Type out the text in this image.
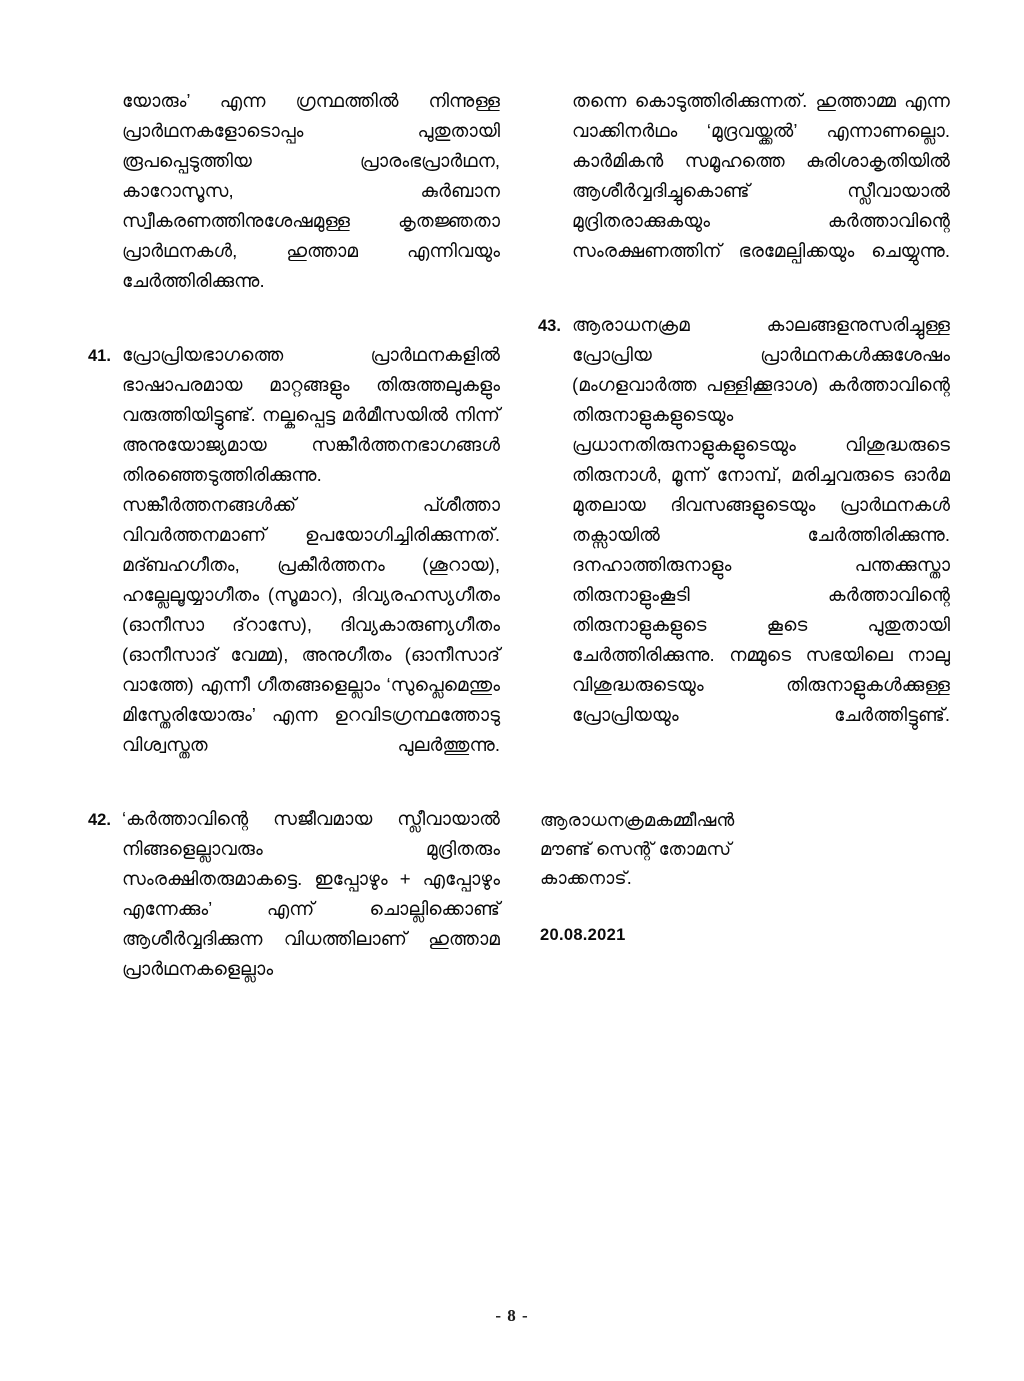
യോരും’ എന്ന ഗ്രന്ഥത്തിൽ നിന്നുള്ള പ്രാർഥനകളോടൊപ്പം പുതുതായി രൂപപ്പെടുത്തിയ പ്രാരംഭപ്രാർഥന, കാറോസൂസ, കുർബാന സ്വീകരണത്തിനുശേഷമുള്ള കൃതജ്ഞതാ പ്രാർഥനകൾ, ഹുത്താമ എന്നിവയും ചേർത്തിരിക്കുന്നു.

41. പ്രോപ്രിയഭാഗത്തെ പ്രാർഥനകളിൽ ഭാഷാപരമായ മാറ്റങ്ങളും തിരുത്തലുകളും വരുത്തിയിട്ടുണ്ട്. നല്കപ്പെട്ട മർമീസയിൽ നിന്ന് അനുയോജ്യമായ സങ്കീർത്തനഭാഗങ്ങൾ തിരഞ്ഞെടുത്തിരിക്കുന്നു. സങ്കീർത്തനങ്ങൾക്ക് പ്ശീത്താ വിവർത്തനമാണ് ഉപയോഗിച്ചിരിക്കുന്നത്. മദ്ബഹഗീതം, പ്രകീർത്തനം (ശൂറായ), ഹല്ലേലൂയ്യാഗീതം (സൂമാറ), ദിവ്യരഹസ്യഗീതം (ഓനീസാ ദ്‌റാസേ), ദിവ്യകാരുണ്യഗീതം (ഓനീസാദ് വേമ്മ), അനുഗീതം (ഓനീസാദ് വാത്തേ) എന്നീ ഗീതങ്ങളെല്ലാം ‘സുപ്ലെമെന്തും മിസ്തേരിയോരും’ എന്ന ഉറവിടഗ്രന്ഥത്തോടു വിശ്വസ്തത പുലർത്തുന്നു.
42. ‘കർത്താവിന്റെ സജീവമായ സ്ലീവായാൽ നിങ്ങളെല്ലാവരും മുദ്രിതരും സംരക്ഷിതരുമാകട്ടെ. ഇപ്പോഴും + എപ്പോഴും എന്നേക്കും’ എന്ന് ചൊല്ലിക്കൊണ്ട് ആശീർവ്വദിക്കുന്ന വിധത്തിലാണ് ഹുത്താമ പ്രാർഥനകളെല്ലാം

തന്നെ കൊടുത്തിരിക്കുന്നത്. ഹുത്താമ്മ എന്ന വാക്കിനർഥം ‘മുദ്രവയ്ക്കൽ’ എന്നാണല്ലൊ. കാർമികൻ സമൂഹത്തെ കുരിശാകൃതിയിൽ ആശീർവ്വദിച്ചുകൊണ്ട് സ്ലീവായാൽ മുദ്രിതരാക്കുകയും കർത്താവിന്റെ സംരക്ഷണത്തിന് ഭരമേല്പിക്കയും ചെയ്യുന്നു.

43. ആരാധനക്രമ കാലങ്ങളനുസരിച്ചുള്ള പ്രോപ്രിയ പ്രാർഥനകൾക്കുശേഷം (മംഗളവാർത്ത പള്ളിക്കൂദാശ) കർത്താവിന്റെ തിരുനാളുകളുടെയും പ്രധാനതിരുനാളുകളുടെയും വിശുദ്ധരുടെ തിരുനാൾ, മൂന്ന് നോമ്പ്, മരിച്ചവരുടെ ഓർമ മുതലായ ദിവസങ്ങളുടെയും പ്രാർഥനകൾ തക്സായിൽ ചേർത്തിരിക്കുന്നു. ദനഹാത്തിരുനാളും പന്തക്കുസ്താ തിരുനാളുംകൂടി കർത്താവിന്റെ തിരുനാളുകളുടെ കൂടെ പുതുതായി ചേർത്തിരിക്കുന്നു. നമ്മുടെ സഭയിലെ നാലു വിശുദ്ധരുടെയും തിരുനാളുകൾക്കുള്ള പ്രോപ്രിയയും ചേർത്തിട്ടുണ്ട്.
ആരാധനക്രമകമ്മീഷൻ
മൗണ്ട് സെന്റ് തോമസ്
കാക്കനാട്.
20.08.2021
- 8 -
